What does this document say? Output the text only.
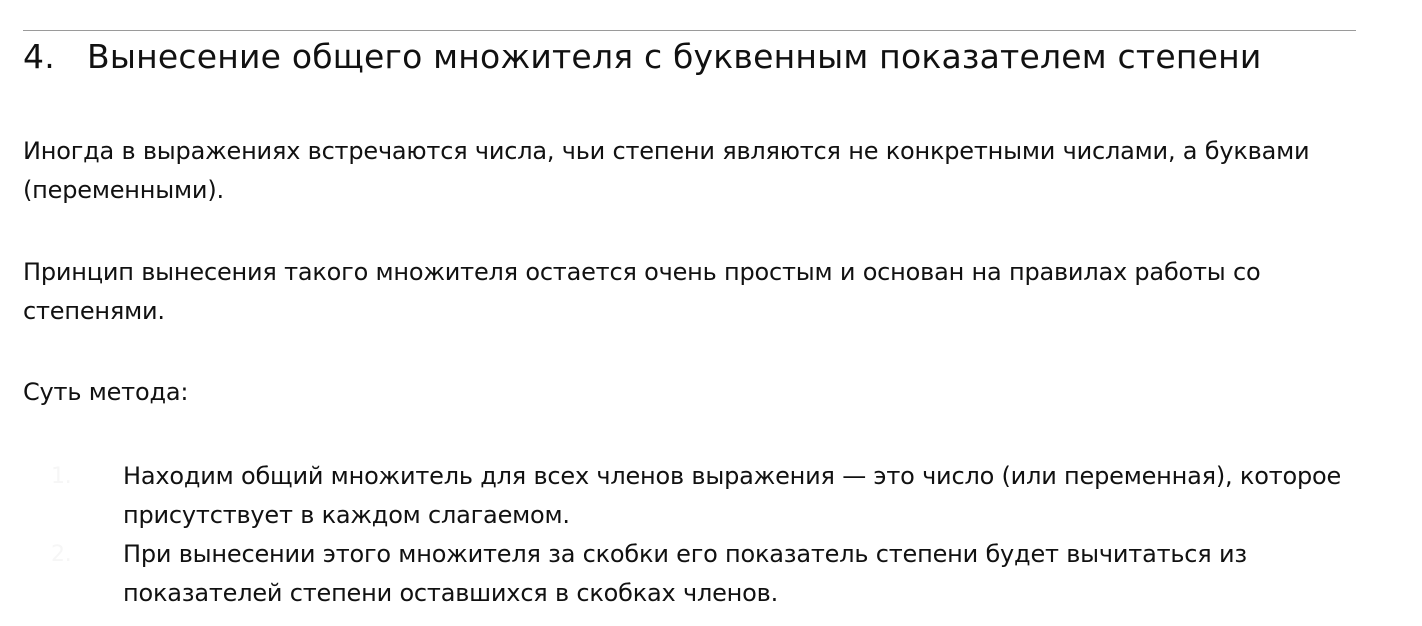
4. Вынесение общего множителя с буквенным показателем степени

Иногда в выражениях встречаются числа, чьи степени являются не конкретными числами, а буквами (переменными).

Принцип вынесения такого множителя остается очень простым и основан на правилах работы со степенями.

Суть метода:

1. Находим общий множитель для всех членов выражения — это число (или переменная), которое присутствует в каждом слагаемом.
2. При вынесении этого множителя за скобки его показатель степени будет вычитаться из показателей степени оставшихся в скобках членов.
